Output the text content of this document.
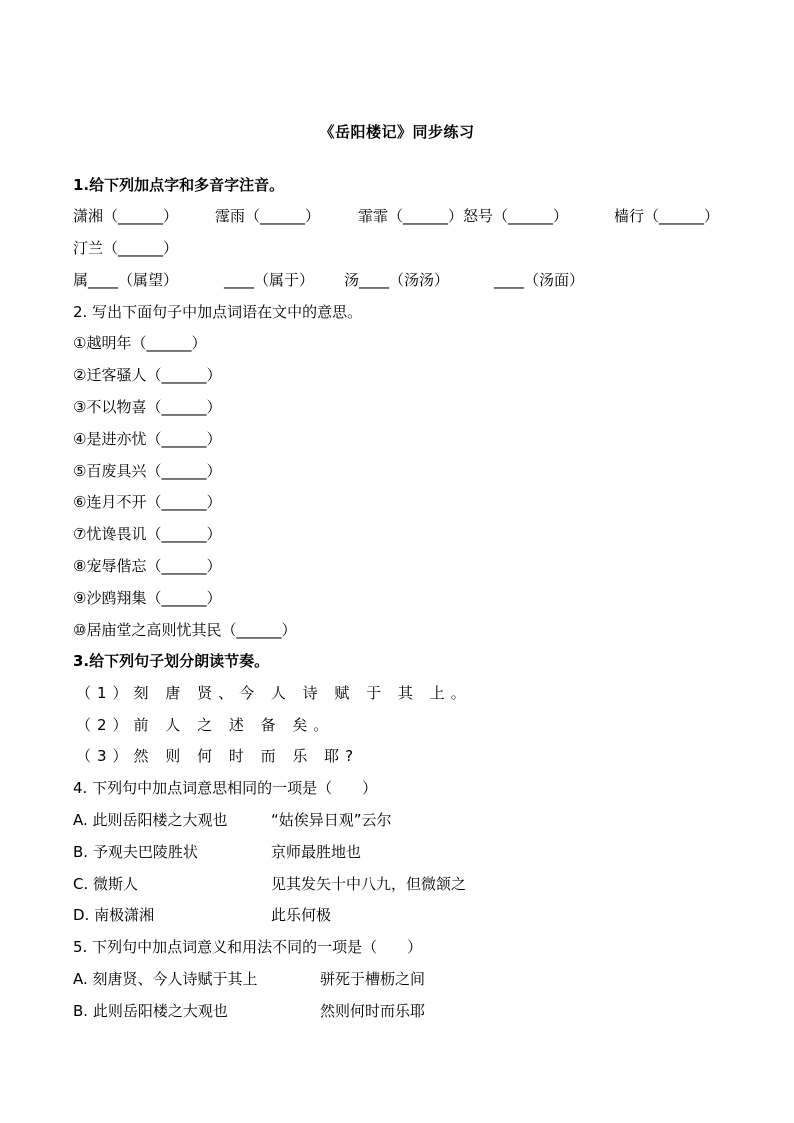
《岳阳楼记》同步练习
1.给下列加点字和多音字注音。
潇湘（______） 霪雨（______）	霏霏（______）怒号（______）	樯行（______）
汀兰（______）
属____（属望）	____（属于） 汤____（汤汤）	____（汤面）
2. 写出下面句子中加点词语在文中的意思。
①越明年（______）
②迁客骚人（______）
③不以物喜（______）
④是进亦忧（______）
⑤百废具兴（______）
⑥连月不开（______）
⑦忧谗畏讥（______）
⑧宠辱偕忘（______）
⑨沙鸥翔集（______）
⑩居庙堂之高则忧其民（______）
3.给下列句子划分朗读节奏。
（1）刻 唐 贤、今 人 诗 赋 于 其 上。
（2）前 人 之 述 备 矣。
（3）然 则 何 时 而 乐 耶?
4. 下列句中加点词意思相同的一项是（　　）
A. 此则岳阳楼之大观也	“姑俟异日观”云尔
B. 予观夫巴陵胜状	京师最胜地也
C. 微斯人	见其发矢十中八九，但微颔之
D. 南极潇湘	此乐何极
5. 下列句中加点词意义和用法不同的一项是（　　）
A. 刻唐贤、今人诗赋于其上	骈死于槽枥之间
B. 此则岳阳楼之大观也	然则何时而乐耶
